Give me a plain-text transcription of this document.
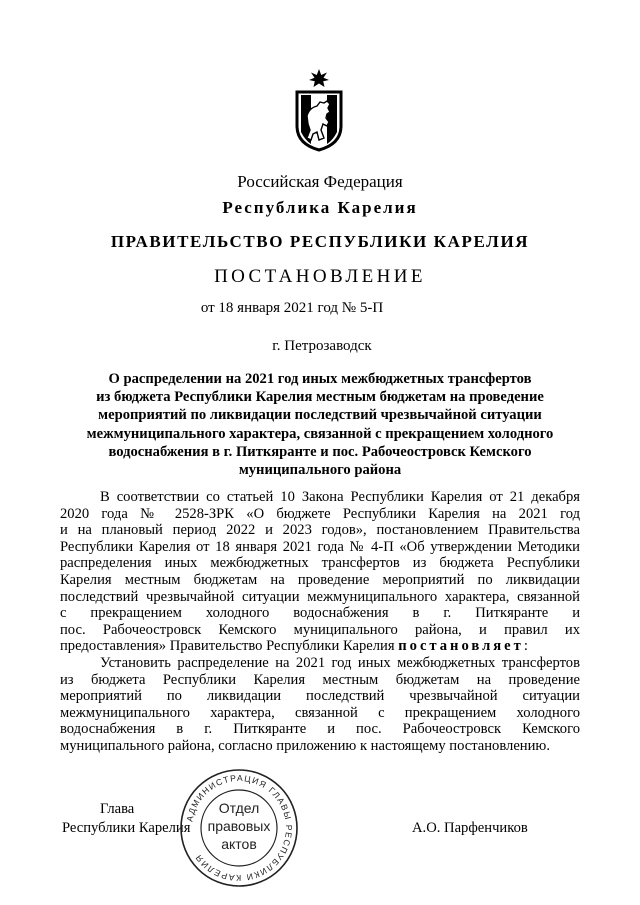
Российская Федерация
Республика Карелия
ПРАВИТЕЛЬСТВО РЕСПУБЛИКИ КАРЕЛИЯ
ПОСТАНОВЛЕНИЕ
от 18 января 2021 год № 5-П
г. Петрозаводск
О распределении на 2021 год иных межбюджетных трансфертов
из бюджета Республики Карелия местным бюджетам на проведение
мероприятий по ликвидации последствий чрезвычайной ситуации
межмуниципального характера, связанной с прекращением холодного
водоснабжения в г. Питкяранте и пос. Рабочеостровск Кемского
муниципального района
В соответствии со статьей 10 Закона Республики Карелия от 21 декабря
2020 года № 2528-ЗРК «О бюджете Республики Карелия на 2021 год
и на плановый период 2022 и 2023 годов», постановлением Правительства
Республики Карелия от 18 января 2021 года № 4-П «Об утверждении Методики
распределения иных межбюджетных трансфертов из бюджета Республики
Карелия местным бюджетам на проведение мероприятий по ликвидации
последствий чрезвычайной ситуации межмуниципального характера, связанной
с прекращением холодного водоснабжения в г. Питкяранте и
пос. Рабочеостровск Кемского муниципального района, и правил их
предоставления» Правительство Республики Карелия постановляет:
Установить распределение на 2021 год иных межбюджетных трансфертов
из бюджета Республики Карелия местным бюджетам на проведение
мероприятий по ликвидации последствий чрезвычайной ситуации
межмуниципального характера, связанной с прекращением холодного
водоснабжения в г. Питкяранте и пос. Рабочеостровск Кемского
муниципального района, согласно приложению к настоящему постановлению.
Глава
Республики Карелия	А.О. Парфенчиков
АДМИНИСТРАЦИЯ ГЛАВЫ РЕСПУБЛИКИ КАРЕЛИЯ
Отдел
правовых
актов
